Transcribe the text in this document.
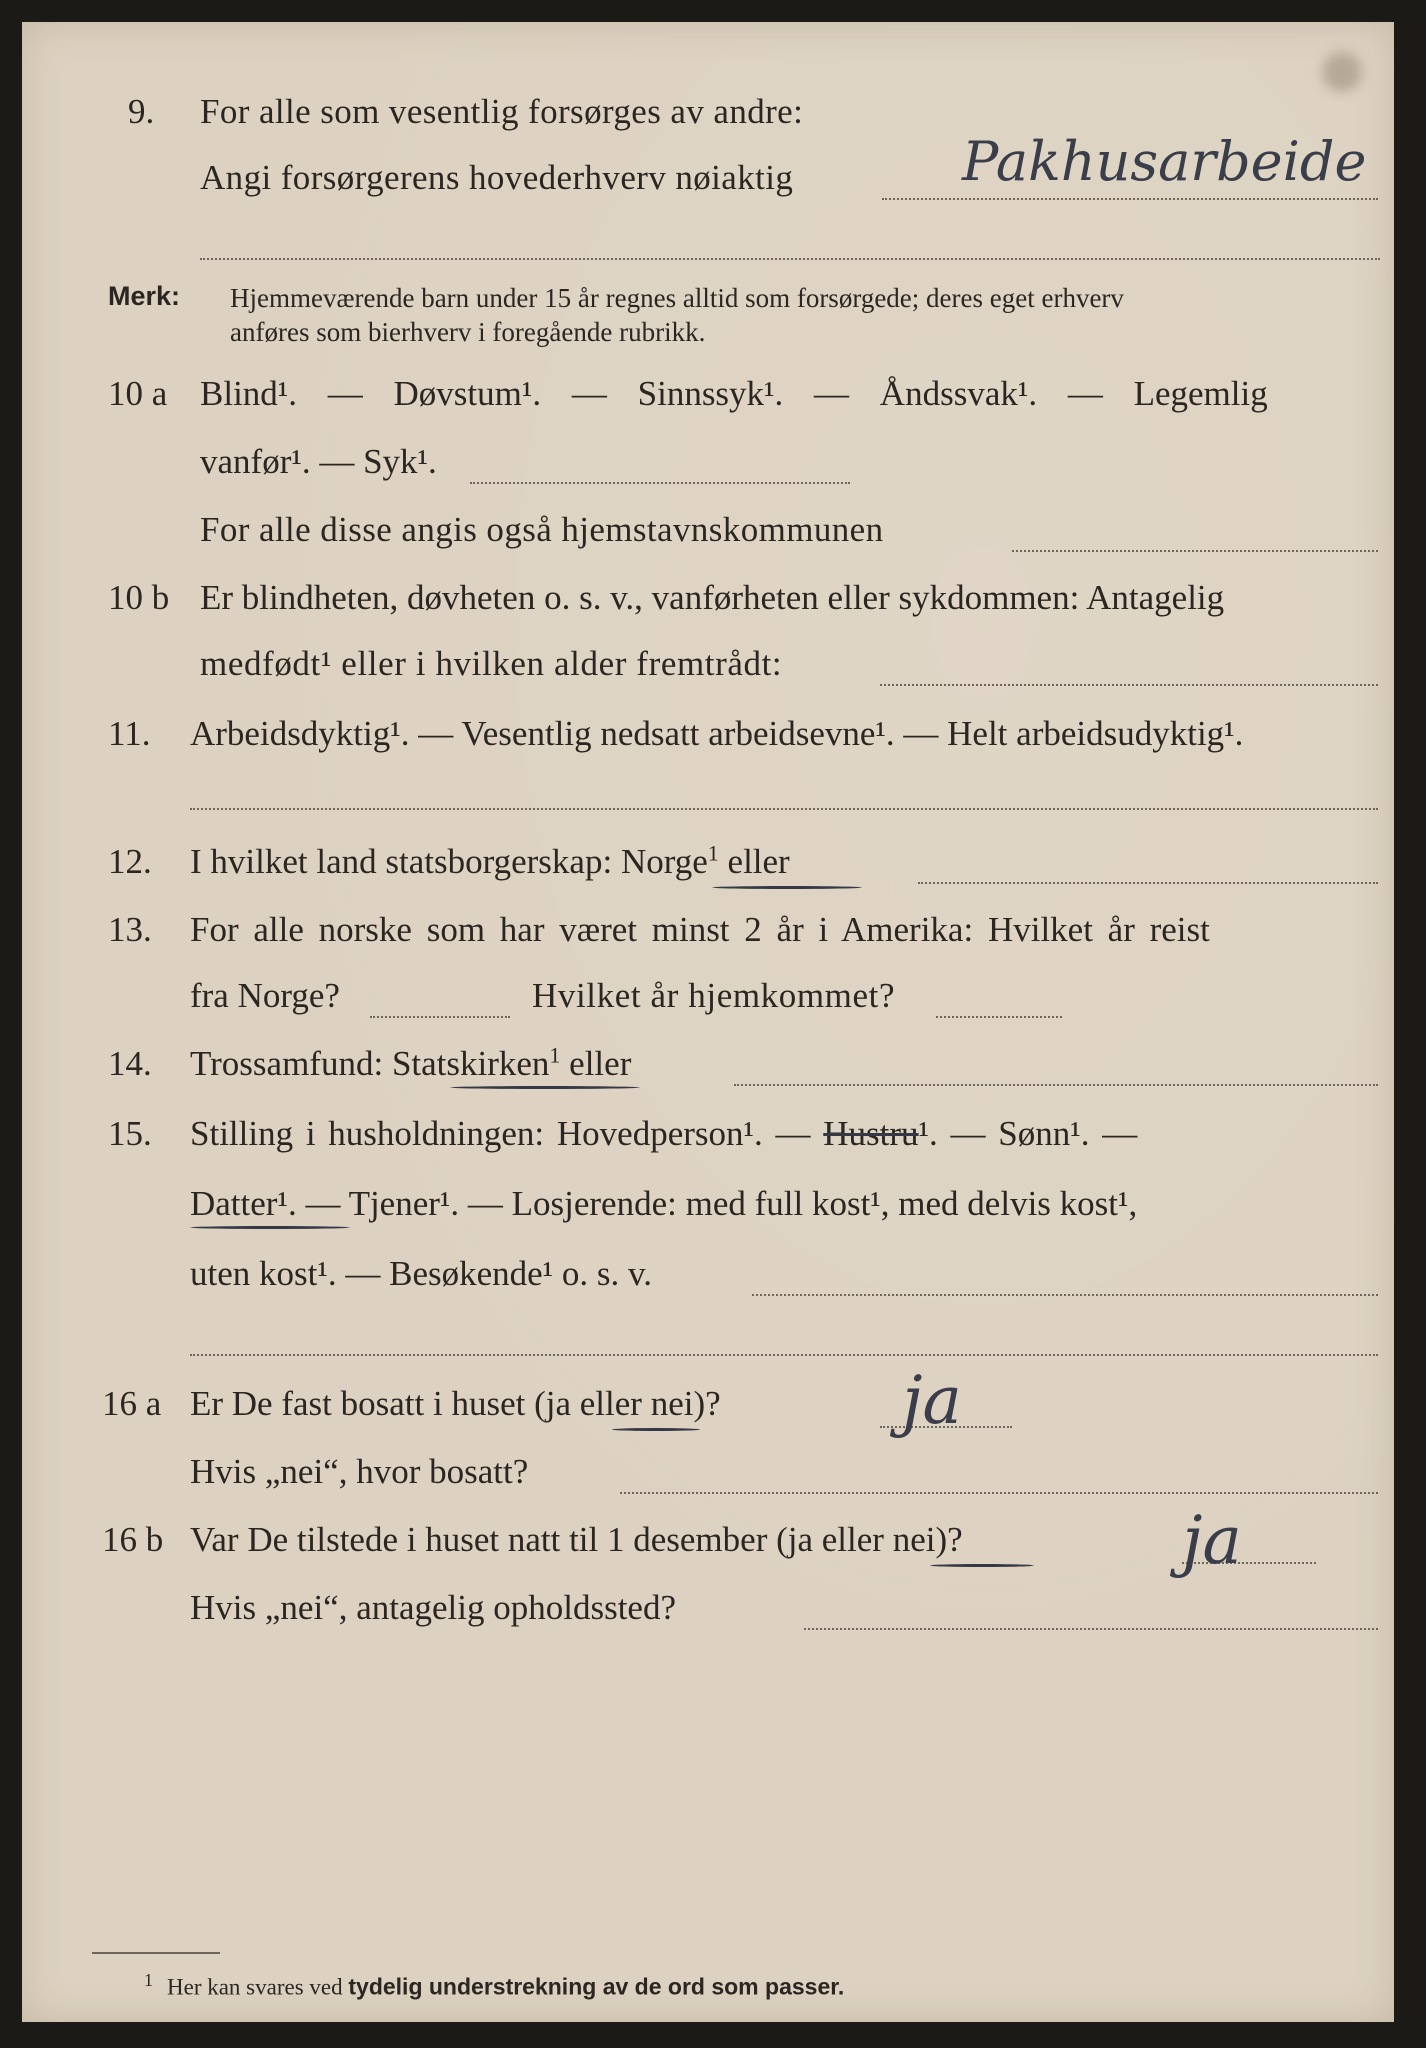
9. For alle som vesentlig forsørges av andre:
Angi forsørgerens hovederhverv nøiaktig	Pakhusarbeide
Merk: Hjemmeværende barn under 15 år regnes alltid som forsørgede; deres eget erhverv
anføres som bierhverv i foregående rubrikk.
10 a Blind¹. — Døvstum¹. — Sinnssyk¹. — Åndssvak¹. — Legemlig
vanfør¹. — Syk¹.
For alle disse angis også hjemstavnskommunen
10 b Er blindheten, døvheten o. s. v., vanførheten eller sykdommen: Antagelig
medfødt¹ eller i hvilken alder fremtrådt:
11. Arbeidsdyktig¹. — Vesentlig nedsatt arbeidsevne¹. — Helt arbeidsudyktig¹.
12. I hvilket land statsborgerskap: Norge$^1$ eller
13. For alle norske som har været minst 2 år i Amerika: Hvilket år reist
fra Norge?	Hvilket år hjemkommet?
14. Trossamfund: Statskirken$^1$ eller
15. Stilling i husholdningen: Hovedperson¹. — Hustru¹. — Sønn¹. —
Datter¹. — Tjener¹. — Losjerende: med full kost¹, med delvis kost¹,
uten kost¹. — Besøkende¹ o. s. v.
16 a Er De fast bosatt i huset (ja eller nei)?	ja
Hvis „nei“, hvor bosatt?
16 b Var De tilstede i huset natt til 1 desember (ja eller nei)?	ja
Hvis „nei“, antagelig opholdssted?
$^1$ Her kan svares ved tydelig understrekning av de ord som passer.
